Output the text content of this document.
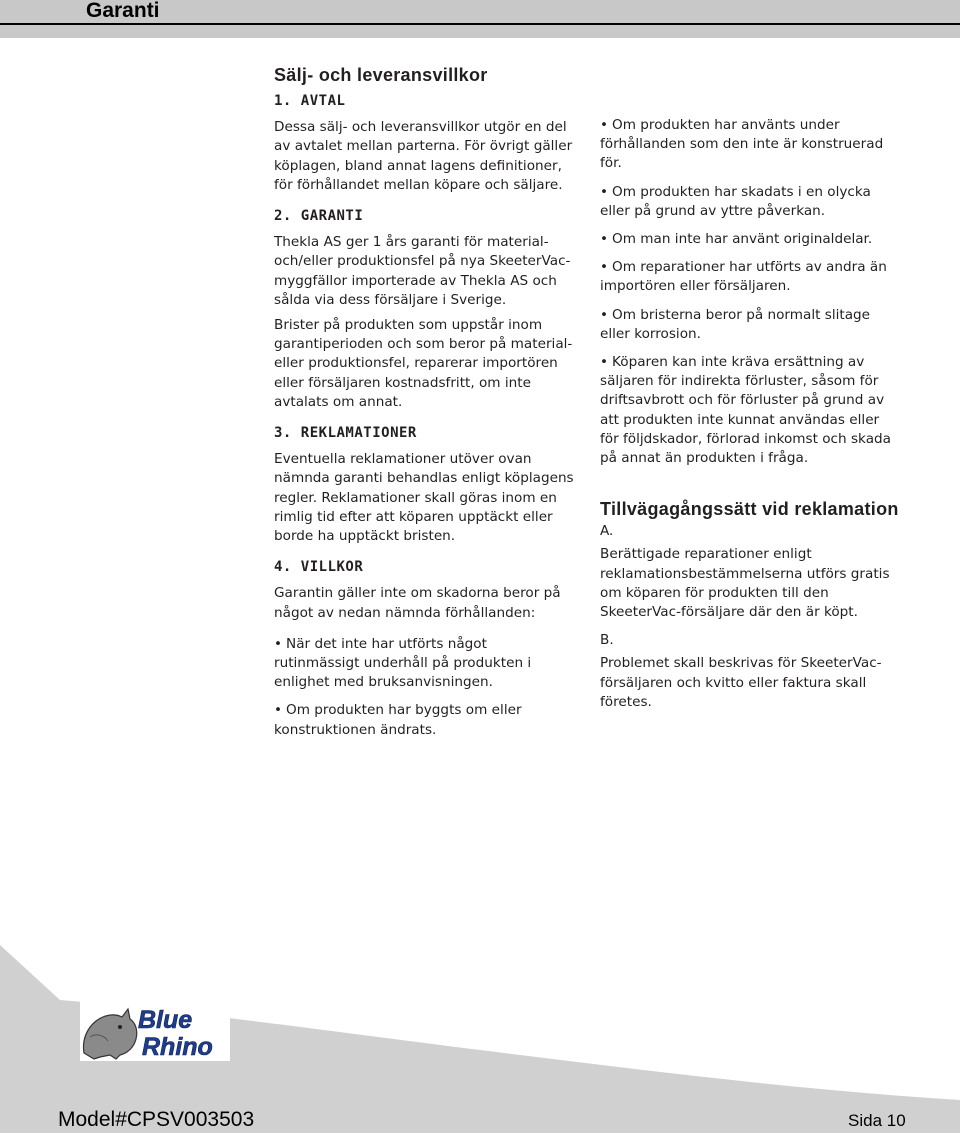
Garanti
Sälj- och leveransvillkor
1. AVTAL

Dessa sälj- och leveransvillkor utgör en del av avtalet mellan parterna. För övrigt gäller köplagen, bland annat lagens definitioner, för förhållandet mellan köpare och säljare.

2. GARANTI

Thekla AS ger 1 års garanti för material- och/eller produktionsfel på nya SkeeterVac-myggfällor importerade av Thekla AS och sålda via dess försäljare i Sverige.

Brister på produkten som uppstår inom garantiperioden och som beror på material- eller produktionsfel, reparerar importören eller försäljaren kostnadsfritt, om inte avtalats om annat.

3. REKLAMATIONER

Eventuella reklamationer utöver ovan nämnda garanti behandlas enligt köplagens regler. Reklamationer skall göras inom en rimlig tid efter att köparen upptäckt eller borde ha upptäckt bristen.

4. VILLKOR

Garantin gäller inte om skadorna beror på något av nedan nämnda förhållanden:

• När det inte har utförts något rutinmässigt underhåll på produkten i enlighet med bruksanvisningen.
• Om produkten har byggts om eller konstruktionen ändrats.
• Om produkten har använts under förhållanden som den inte är konstruerad för.
• Om produkten har skadats i en olycka eller på grund av yttre påverkan.
• Om man inte har använt originaldelar.
• Om reparationer har utförts av andra än importören eller försäljaren.
• Om bristerna beror på normalt slitage eller korrosion.
• Köparen kan inte kräva ersättning av säljaren för indirekta förluster, såsom för driftsavbrott och för förluster på grund av att produkten inte kunnat användas eller för följdskador, förlorad inkomst och skada på annat än produkten i fråga.
Tillvägagångssätt vid reklamation
A.

Berättigade reparationer enligt reklamationsbestämmelserna utförs gratis om köparen för produkten till den SkeeterVac-försäljare där den är köpt.

B.

Problemet skall beskrivas för SkeeterVac-försäljaren och kvitto eller faktura skall företes.

Blue
Rhino
Model#CPSV003503	Sida 10
